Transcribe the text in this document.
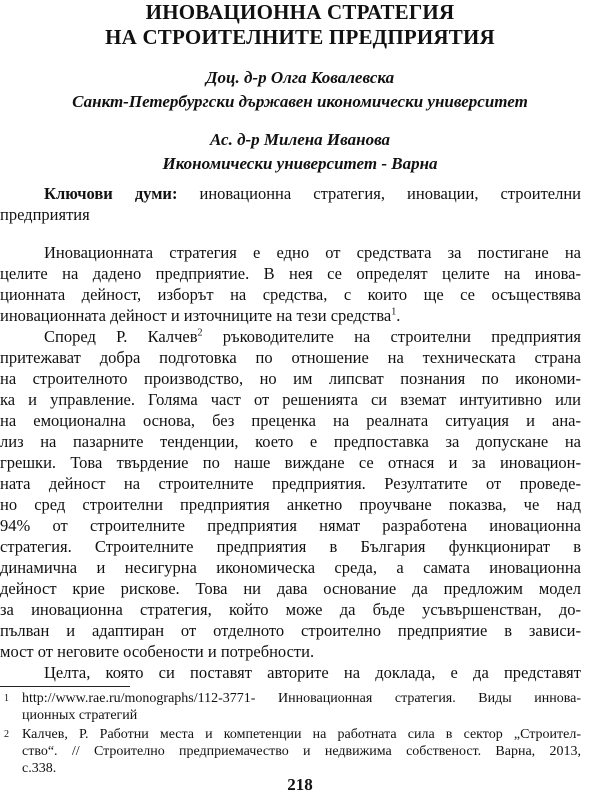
ИНОВАЦИОННА СТРАТЕГИЯ
НА СТРОИТЕЛНИТЕ ПРЕДПРИЯТИЯ
Доц. д-р Олга Ковалевска
Санкт-Петербургски държавен икономически университет
Ас. д-р Милена Иванова
Икономически университет - Варна
Ключови думи: иновационна стратегия, иновации, строителни
предприятия
Иновационната стратегия е едно от средствата за постигане на
целите на дадено предприятие. В нея се определят целите на инова-
ционната дейност, изборът на средства, с които ще се осъществява
иновационната дейност и източниците на тези средства$^1$.
Според Р. Калчев$^2$ ръководителите на строителни предприятия
притежават добра подготовка по отношение на техническата страна
на строителното производство, но им липсват познания по икономи-
ка и управление. Голяма част от решенията си вземат интуитивно или
на емоционална основа, без преценка на реалната ситуация и ана-
лиз на пазарните тенденции, което е предпоставка за допускане на
грешки. Това твърдение по наше виждане се отнася и за иновацион-
ната дейност на строителните предприятия. Резултатите от проведе-
но сред строителни предприятия анкетно проучване показва, че над
94% от строителните предприятия нямат разработена иновационна
стратегия. Строителните предприятия в България функционират в
динамична и несигурна икономическа среда, а самата иновационна
дейност крие рискове. Това ни дава основание да предложим модел
за иновационна стратегия, който може да бъде усъвършенстван, до-
пълван и адаптиран от отделното строително предприятие в зависи-
мост от неговите особености и потребности.
Целта, която си поставят авторите на доклада, е да представят
1 http://www.rae.ru/monographs/112-3771- Инновационная стратегия. Виды иннова-
ционных стратегий
2 Калчев, Р. Работни места и компетенции на работната сила в сектор „Строител-
ство“. // Строително предприемачество и недвижима собственост. Варна, 2013,
с.338.
218
